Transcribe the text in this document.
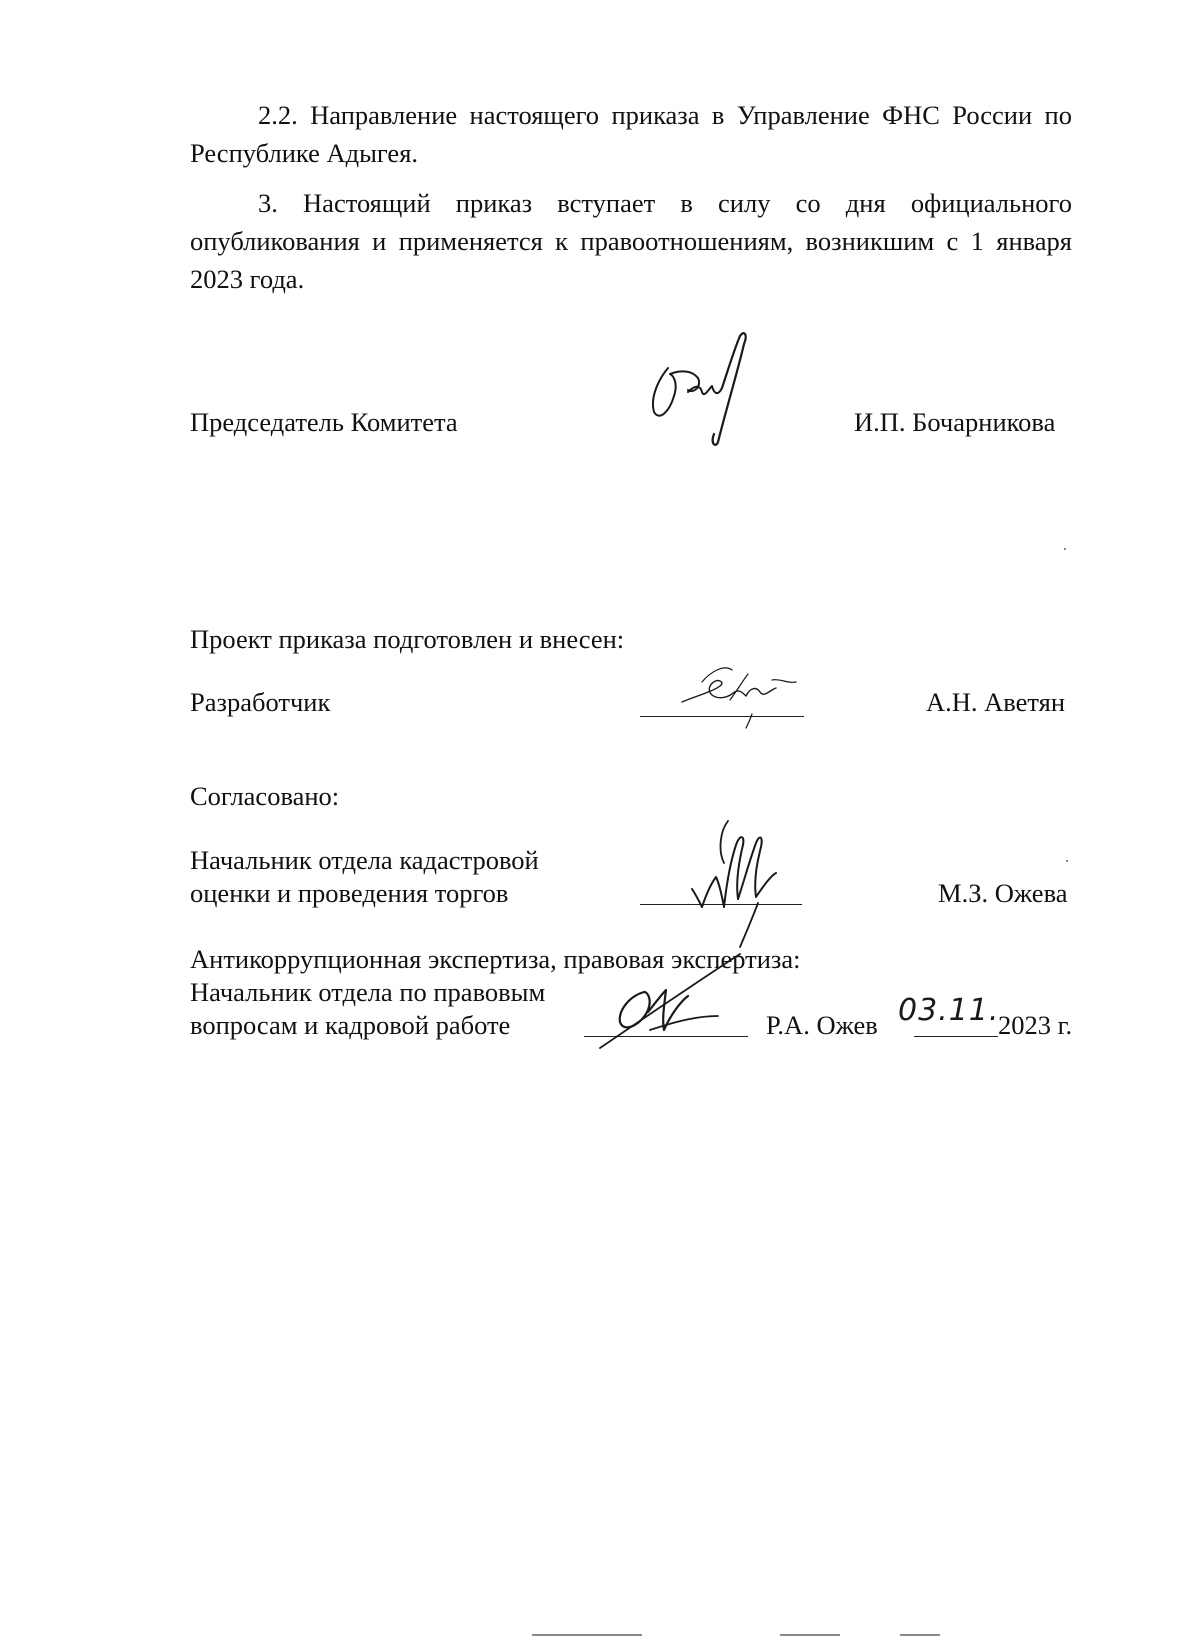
2.2. Направление настоящего приказа в Управление ФНС России по
Республике Адыгея.
3. Настоящий приказ вступает в силу со дня официального
опубликования и применяется к правоотношениям, возникшим с 1 января
2023 года.
Председатель Комитета	И.П. Бочарникова
Проект приказа подготовлен и внесен:
Разработчик	А.Н. Аветян
Согласовано:
Начальник отдела кадастровой
оценки и проведения торгов	М.З. Ожева
Антикоррупционная экспертиза, правовая экспертиза:
Начальник отдела по правовым
вопросам и кадровой работе	Р.А. Ожев 03.11.
2023 г.
